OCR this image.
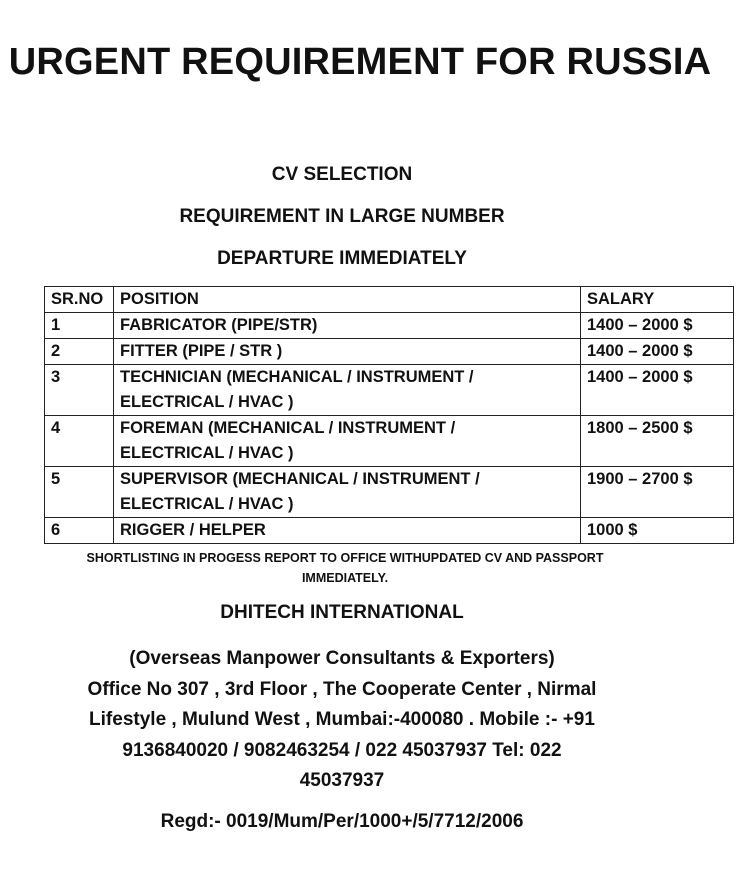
URGENT REQUIREMENT FOR RUSSIA
CV SELECTION
REQUIREMENT IN LARGE NUMBER
DEPARTURE IMMEDIATELY
SR.NO	POSITION	SALARY
1	FABRICATOR (PIPE/STR)	1400 – 2000 $
2	FITTER (PIPE / STR )	1400 – 2000 $
3	TECHNICIAN (MECHANICAL / INSTRUMENT /
ELECTRICAL / HVAC )	1400 – 2000 $
4	FOREMAN (MECHANICAL / INSTRUMENT /
ELECTRICAL / HVAC )	1800 – 2500 $
5	SUPERVISOR (MECHANICAL / INSTRUMENT /
ELECTRICAL / HVAC )	1900 – 2700 $
6	RIGGER / HELPER	1000 $
SHORTLISTING IN PROGESS REPORT TO OFFICE WITHUPDATED CV AND PASSPORT
IMMEDIATELY.
DHITECH INTERNATIONAL
(Overseas Manpower Consultants & Exporters)
Office No 307 , 3rd Floor , The Cooperate Center , Nirmal
Lifestyle , Mulund West , Mumbai:-400080 . Mobile :- +91
9136840020 / 9082463254 / 022 45037937 Tel: 022
45037937
Regd:- 0019/Mum/Per/1000+/5/7712/2006
